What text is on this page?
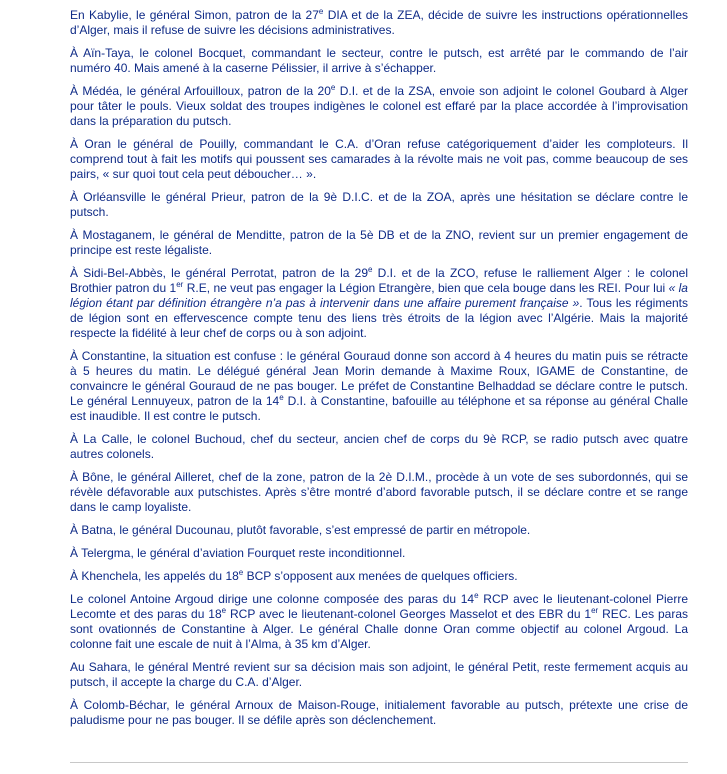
En Kabylie, le général Simon, patron de la 27e DIA et de la ZEA, décide de suivre les instructions opérationnelles d’Alger, mais il refuse de suivre les décisions administratives.

À Aïn-Taya, le colonel Bocquet, commandant le secteur, contre le putsch, est arrêté par le commando de l’air numéro 40. Mais amené à la caserne Pélissier, il arrive à s’échapper.

À Médéa, le général Arfouilloux, patron de la 20e D.I. et de la ZSA, envoie son adjoint le colonel Goubard à Alger pour tâter le pouls. Vieux soldat des troupes indigènes le colonel est effaré par la place accordée à l’improvisation dans la préparation du putsch.

À Oran le général de Pouilly, commandant le C.A. d’Oran refuse catégoriquement d’aider les comploteurs. Il comprend tout à fait les motifs qui poussent ses camarades à la révolte mais ne voit pas, comme beaucoup de ses pairs, « sur quoi tout cela peut déboucher… ».

À Orléansville le général Prieur, patron de la 9è D.I.C. et de la ZOA, après une hésitation se déclare contre le putsch.

À Mostaganem, le général de Menditte, patron de la 5è DB et de la ZNO, revient sur un premier engagement de principe est reste légaliste.

À Sidi-Bel-Abbès, le général Perrotat, patron de la 29e D.I. et de la ZCO, refuse le ralliement Alger : le colonel Brothier patron du 1er R.E, ne veut pas engager la Légion Etrangère, bien que cela bouge dans les REI. Pour lui « la légion étant par définition étrangère n’a pas à intervenir dans une affaire purement française ». Tous les régiments de légion sont en effervescence compte tenu des liens très étroits de la légion avec l’Algérie. Mais la majorité respecte la fidélité à leur chef de corps ou à son adjoint.

À Constantine, la situation est confuse : le général Gouraud donne son accord à 4 heures du matin puis se rétracte à 5 heures du matin. Le délégué général Jean Morin demande à Maxime Roux, IGAME de Constantine, de convaincre le général Gouraud de ne pas bouger. Le préfet de Constantine Belhaddad se déclare contre le putsch. Le général Lennuyeux, patron de la 14e D.I. à Constantine, bafouille au téléphone et sa réponse au général Challe est inaudible. Il est contre le putsch.

À La Calle, le colonel Buchoud, chef du secteur, ancien chef de corps du 9è RCP, se radio putsch avec quatre autres colonels.

À Bône, le général Ailleret, chef de la zone, patron de la 2è D.I.M., procède à un vote de ses subordonnés, qui se révèle défavorable aux putschistes. Après s’être montré d’abord favorable putsch, il se déclare contre et se range dans le camp loyaliste.

À Batna, le général Ducounau, plutôt favorable, s’est empressé de partir en métropole.

À Telergma, le général d’aviation Fourquet reste inconditionnel.

À Khenchela, les appelés du 18e BCP s’opposent aux menées de quelques officiers.

Le colonel Antoine Argoud dirige une colonne composée des paras du 14e RCP avec le lieutenant-colonel Pierre Lecomte et des paras du 18e RCP avec le lieutenant-colonel Georges Masselot et des EBR du 1er REC. Les paras sont ovationnés de Constantine à Alger. Le général Challe donne Oran comme objectif au colonel Argoud. La colonne fait une escale de nuit à l’Alma, à 35 km d’Alger.

Au Sahara, le général Mentré revient sur sa décision mais son adjoint, le général Petit, reste fermement acquis au putsch, il accepte la charge du C.A. d’Alger.

À Colomb-Béchar, le général Arnoux de Maison-Rouge, initialement favorable au putsch, prétexte une crise de paludisme pour ne pas bouger. Il se défile après son déclenchement.
